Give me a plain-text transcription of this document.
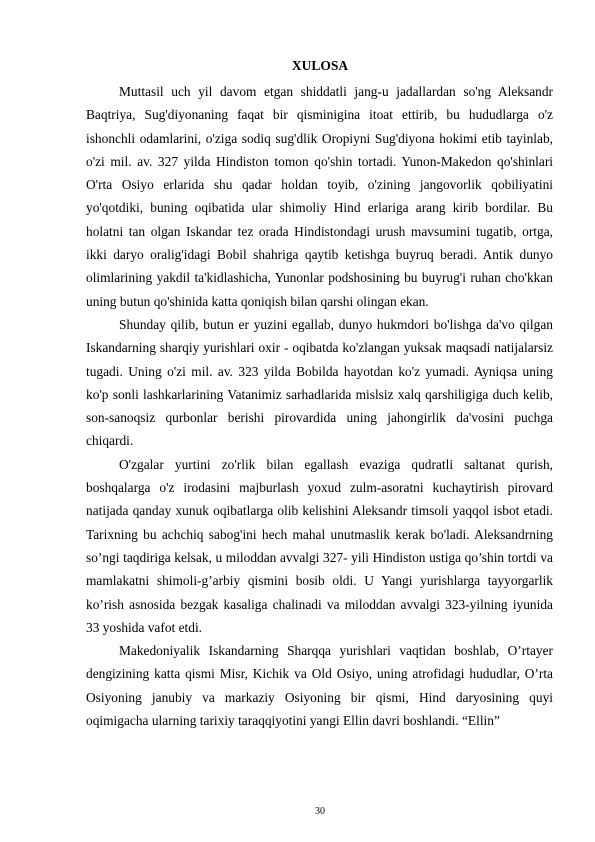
XULOSA

Muttasil uch yil davom etgan shiddatli jang-u jadallardan so'ng Aleksandr Baqtriya, Sug'diyonaning faqat bir qisminigina itoat ettirib, bu hududlarga o'z ishonchli odamlarini, o'ziga sodiq sug'dlik Oropiyni Sug'diyona hokimi etib tayinlab, o'zi mil. av. 327 yilda Hindiston tomon qo'shin tortadi. Yunon-Makedon qo'shinlari O'rta Osiyo erlarida shu qadar holdan toyib, o'zining jangovorlik qobiliyatini yo'qotdiki, buning oqibatida ular shimoliy Hind erlariga arang kirib bordilar. Bu holatni tan olgan Iskandar tez orada Hindistondagi urush mavsumini tugatib, ortga, ikki daryo oralig'idagi Bobil shahriga qaytib ketishga buyruq beradi. Antik dunyo olimlarining yakdil ta'kidlashicha, Yunonlar podshosining bu buyrug'i ruhan cho'kkan uning butun qo'shinida katta qoniqish bilan qarshi olingan ekan.

Shunday qilib, butun er yuzini egallab, dunyo hukmdori bo'lishga da'vo qilgan Iskandarning sharqiy yurishlari oxir - oqibatda ko'zlangan yuksak maqsadi natijalarsiz tugadi. Uning o'zi mil. av. 323 yilda Bobilda hayotdan ko'z yumadi. Ayniqsa uning ko'p sonli lashkarlarining Vatanimiz sarhadlarida mislsiz xalq qarshiligiga duch kelib, son-sanoqsiz qurbonlar berishi pirovardida uning jahongirlik da'vosini puchga chiqardi.

O'zgalar yurtini zo'rlik bilan egallash evaziga qudratli saltanat qurish, boshqalarga o'z irodasini majburlash yoxud zulm-asoratni kuchaytirish pirovard natijada qanday xunuk oqibatlarga olib kelishini Aleksandr timsoli yaqqol isbot etadi. Tarixning bu achchiq sabog'ini hech mahal unutmaslik kerak bo'ladi. Aleksandrning so’ngi taqdiriga kelsak, u miloddan avvalgi 327- yili Hindiston ustiga qo’shin tortdi va mamlakatni shimoli-g’arbiy qismini bosib oldi. U Yangi yurishlarga tayyorgarlik ko’rish asnosida bezgak kasaliga chalinadi va miloddan avvalgi 323-yilning iyunida 33 yoshida vafot etdi.

Makedoniyalik Iskandarning Sharqqa yurishlari vaqtidan boshlab, O’rtayer dengizining katta qismi Misr, Kichik va Old Osiyo, uning atrofidagi hududlar, O’rta Osiyoning janubiy va markaziy Osiyoning bir qismi, Hind daryosining quyi oqimigacha ularning tarixiy taraqqiyotini yangi Ellin davri boshlandi. “Ellin”

30
